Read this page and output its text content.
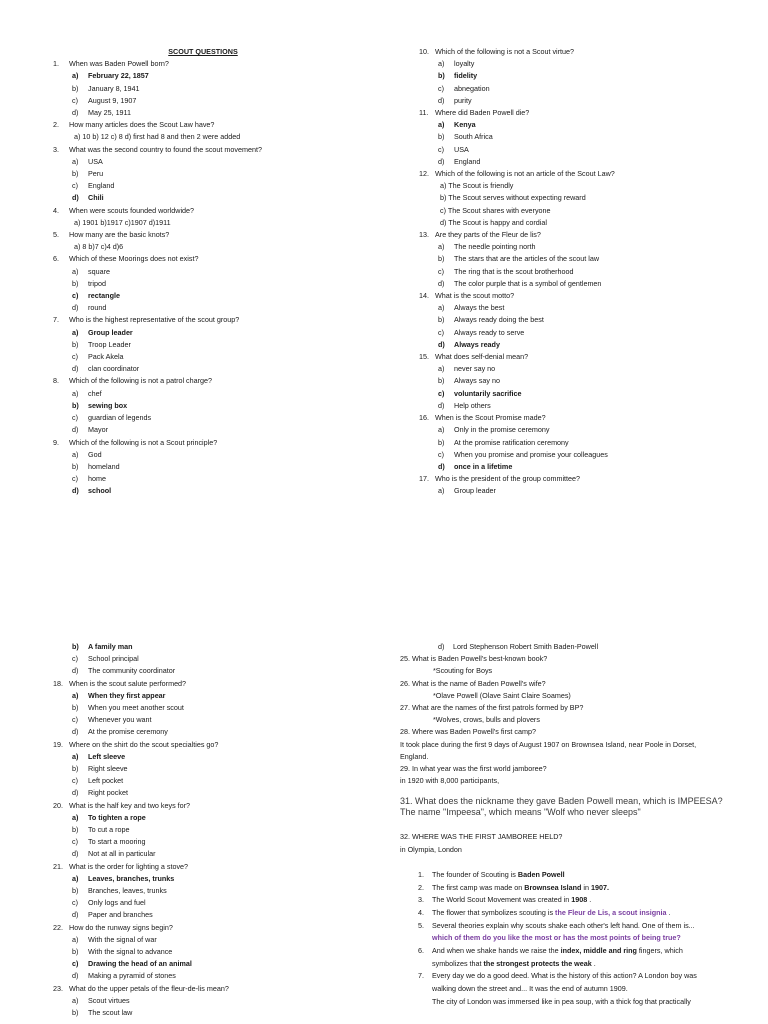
SCOUT QUESTIONS
1. When was Baden Powell born?
a) February 22, 1857
b) January 8, 1941
c) August 9, 1907
d) May 25, 1911
2. How many articles does the Scout Law have?
a) 10 b) 12 c) 8 d) first had 8 and then 2 were added
3. What was the second country to found the scout movement?
a) USA
b) Peru
c) England
d) Chili
4. When were scouts founded worldwide?
a) 1901 b)1917 c)1907 d)1911
5. How many are the basic knots?
a) 8 b)7 c)4 d)6
6. Which of these Moorings does not exist?
a) square
b) tripod
c) rectangle
d) round
7. Who is the highest representative of the scout group?
a) Group leader
b) Troop Leader
c) Pack Akela
d) clan coordinator
8. Which of the following is not a patrol charge?
a) chef
b) sewing box
c) guardian of legends
d) Mayor
9. Which of the following is not a Scout principle?
a) God
b) homeland
c) home
d) school
10. Which of the following is not a Scout virtue?
a) loyalty
b) fidelity
c) abnegation
d) purity
11. Where did Baden Powell die?
a) Kenya
b) South Africa
c) USA
d) England
12. Which of the following is not an article of the Scout Law?
a) The Scout is friendly
b) The Scout serves without expecting reward
c) The Scout shares with everyone
d) The Scout is happy and cordial
13. Are they parts of the Fleur de lis?
a) The needle pointing north
b) The stars that are the articles of the scout law
c) The ring that is the scout brotherhood
d) The color purple that is a symbol of gentlemen
14. What is the scout motto?
a) Always the best
b) Always ready doing the best
c) Always ready to serve
d) Always ready
15. What does self-denial mean?
a) never say no
b) Always say no
c) voluntarily sacrifice
d) Help others
16. When is the Scout Promise made?
a) Only in the promise ceremony
b) At the promise ratification ceremony
c) When you promise and promise your colleagues
d) once in a lifetime
17. Who is the president of the group committee?
a) Group leader
b) A family man
c) School principal
d) The community coordinator
18. When is the scout salute performed?
a) When they first appear
b) When you meet another scout
c) Whenever you want
d) At the promise ceremony
19. Where on the shirt do the scout specialties go?
a) Left sleeve
b) Right sleeve
c) Left pocket
d) Right pocket
20. What is the half key and two keys for?
a) To tighten a rope
b) To cut a rope
c) To start a mooring
d) Not at all in particular
21. What is the order for lighting a stove?
a) Leaves, branches, trunks
b) Branches, leaves, trunks
c) Only logs and fuel
d) Paper and branches
22. How do the runway signs begin?
a) With the signal of war
b) With the signal to advance
c) Drawing the head of an animal
d) Making a pyramid of stones
23. What do the upper petals of the fleur-de-lis mean?
a) Scout virtues
b) The scout law
d) Lord Stephenson Robert Smith Baden-Powell
25. What is Baden Powell's best-known book?
*Scouting for Boys
26. What is the name of Baden Powell's wife?
*Olave Powell (Olave Saint Claire Soames)
27. What are the names of the first patrols formed by BP?
*Wolves, crows, bulls and plovers
28. Where was Baden Powell's first camp?
It took place during the first 9 days of August 1907 on Brownsea Island, near Poole in Dorset,
England.
29. In what year was the first world jamboree?
in 1920 with 8,000 participants,
31. What does the nickname they gave Baden Powell mean, which is IMPEESA?
The name "Impeesa", which means "Wolf who never sleeps"
32. WHERE WAS THE FIRST JAMBOREE HELD?
in Olympia, London
1. The founder of Scouting is Baden Powell
2. The first camp was made on Brownsea Island in 1907.
3. The World Scout Movement was created in 1908 .
4. The flower that symbolizes scouting is the Fleur de Lis, a scout insignia .
5. Several theories explain why scouts shake each other's left hand. One of them is...
which of them do you like the most or has the most points of being true?
6. And when we shake hands we raise the index, middle and ring fingers, which
symbolizes that the strongest protects the weak .
7. Every day we do a good deed. What is the history of this action? A London boy was
walking down the street and... It was the end of autumn 1909.
The city of London was immersed like in pea soup, with a thick fog that practically
